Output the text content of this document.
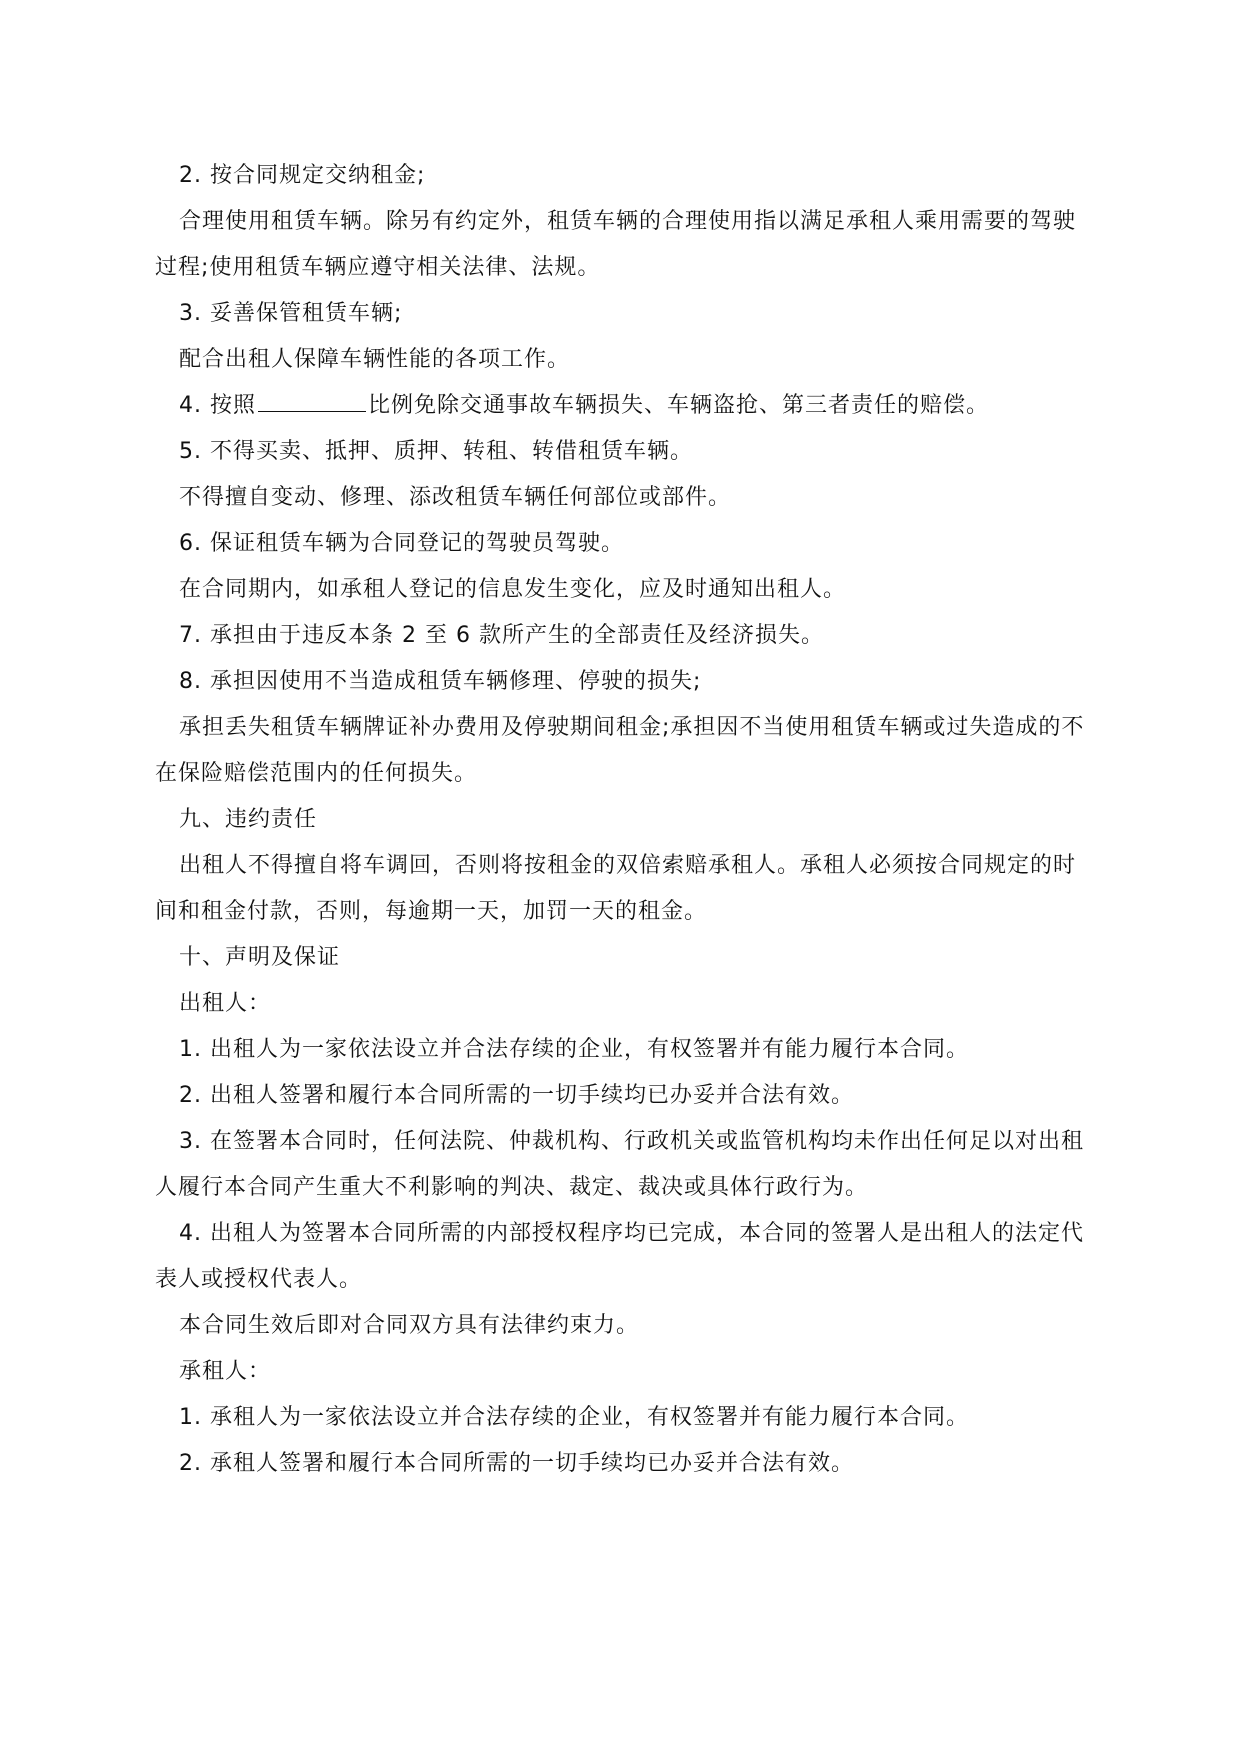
2. 按合同规定交纳租金;

合理使用租赁车辆。除另有约定外，租赁车辆的合理使用指以满足承租人乘用需要的驾驶过程;使用租赁车辆应遵守相关法律、法规。

3. 妥善保管租赁车辆;

配合出租人保障车辆性能的各项工作。

4. 按照	比例免除交通事故车辆损失、车辆盗抢、第三者责任的赔偿。

5. 不得买卖、抵押、质押、转租、转借租赁车辆。

不得擅自变动、修理、添改租赁车辆任何部位或部件。

6. 保证租赁车辆为合同登记的驾驶员驾驶。

在合同期内，如承租人登记的信息发生变化，应及时通知出租人。

7. 承担由于违反本条 2 至 6 款所产生的全部责任及经济损失。

8. 承担因使用不当造成租赁车辆修理、停驶的损失;

承担丢失租赁车辆牌证补办费用及停驶期间租金;承担因不当使用租赁车辆或过失造成的不在保险赔偿范围内的任何损失。

九、违约责任

出租人不得擅自将车调回，否则将按租金的双倍索赔承租人。承租人必须按合同规定的时间和租金付款，否则，每逾期一天，加罚一天的租金。

十、声明及保证

出租人：

1. 出租人为一家依法设立并合法存续的企业，有权签署并有能力履行本合同。

2. 出租人签署和履行本合同所需的一切手续均已办妥并合法有效。

3. 在签署本合同时，任何法院、仲裁机构、行政机关或监管机构均未作出任何足以对出租人履行本合同产生重大不利影响的判决、裁定、裁决或具体行政行为。

4. 出租人为签署本合同所需的内部授权程序均已完成，本合同的签署人是出租人的法定代表人或授权代表人。

本合同生效后即对合同双方具有法律约束力。

承租人：

1. 承租人为一家依法设立并合法存续的企业，有权签署并有能力履行本合同。

2. 承租人签署和履行本合同所需的一切手续均已办妥并合法有效。
